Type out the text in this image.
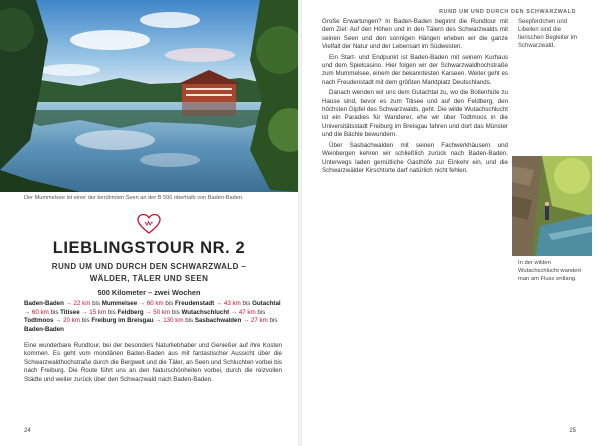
Der Mummelsee ist einer der berühmten Seen an der B 500 oberhalb von Baden-Baden.
LIEBLINGSTOUR NR. 2
RUND UM UND DURCH DEN SCHWARZWALD –
WÄLDER, TÄLER UND SEEN
500 Kilometer – zwei Wochen
Baden-Baden → 22 km bis Mummelsee → 60 km bis Freudenstadt → 43 km bis Gutachtal → 60 km bis Titisee → 15 km bis Feldberg → 50 km bis Wutachschlucht → 47 km bis Todtmoos → 20 km bis Freiburg im Breisgau → 130 km bis Sasbachwalden → 27 km bis Baden-Baden
Eine wunderbare Rundtour, bei der besonders Naturliebhaber und Genießer auf ihre Kosten kommen. Es geht vom mondänen Baden-Baden aus mit fantastischer Aussicht über die Schwarzwaldhochstraße durch die Bergwelt und die Täler, an Seen und Schluchten vorbei bis nach Freiburg. Die Route führt uns an den Naturschönheiten vorbei, durch die reizvollen Städte und weiter zurück über den Schwarzwald nach Baden-Baden.
24
RUND UM UND DURCH DEN SCHWARZWALD

Große Erwartungen? In Baden-Baden beginnt die Rundtour mit dem Ziel: Auf den Höhen und in den Tälern des Schwarzwalds mit seinen Seen und den sonnigen Hängen erleben wir die ganze Vielfalt der Natur und der Lebensart im Südwesten.

Ein Start- und Endpunkt ist Baden-Baden mit seinem Kurhaus und dem Spielcasino. Hier folgen wir der Schwarzwaldhochstraße zum Mummelsee, einem der bekanntesten Karseen. Weiter geht es nach Freudenstadt mit dem größten Marktplatz Deutschlands.

Danach wenden wir uns dem Gutachtal zu, wo die Bollenhüte zu Hause sind, bevor es zum Titisee und auf den Feldberg, den höchsten Gipfel des Schwarzwalds, geht. Die wilde Wutachschlucht ist ein Paradies für Wanderer, ehe wir über Todtmoos in die Universitätsstadt Freiburg im Breisgau fahren und dort das Münster und die Bächle bewundern.

Über Sasbachwalden mit seinen Fachwerkhäusern und Weinbergen kehren wir schließlich zurück nach Baden-Baden. Unterwegs laden gemütliche Gasthöfe zur Einkehr ein, und die Schwarzwälder Kirschtorte darf natürlich nicht fehlen.

Seepferdchen und Libellen sind die tierischen Begleiter im Schwarzwald.
In der wilden Wutachschlucht wandert man am Fluss entlang.
25
